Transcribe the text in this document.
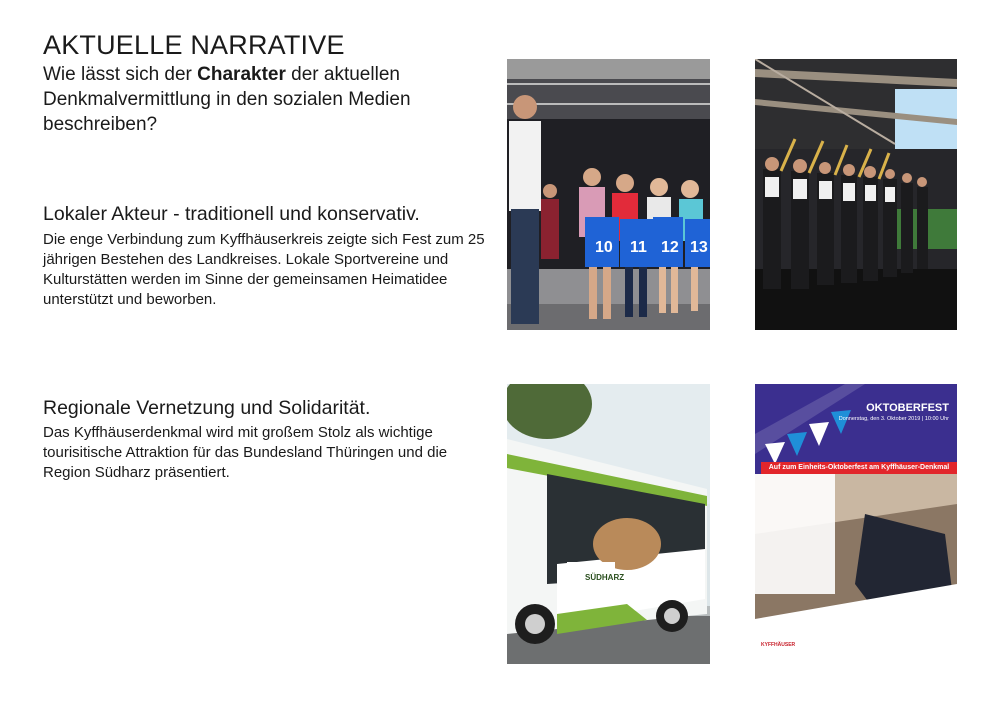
AKTUELLE NARRATIVE

Wie lässt sich der Charakter der aktuellen Denkmalvermittlung in den sozialen Medien beschreiben?

Lokaler Akteur - traditionell und konservativ.

Die enge Verbindung zum Kyffhäuserkreis zeigte sich Fest zum 25 jährigen Bestehen des Landkreises. Lokale Sportvereine und Kulturstätten werden im Sinne der gemeinsamen Heimatidee unterstützt und beworben.

Regionale Vernetzung und Solidarität.

Das Kyffhäuserdenkmal wird mit großem Stolz als wichtige tourisitische Attraktion für das Bundesland Thüringen und die Region Südharz präsentiert.

10 11 12 13
SÜDHARZ
OKTOBERFEST
Donnerstag, den 3. Oktober 2019 | 10:00 Uhr
Auf zum Einheits-Oktoberfest am Kyffhäuser-Denkmal
KYFFHÄUSER
